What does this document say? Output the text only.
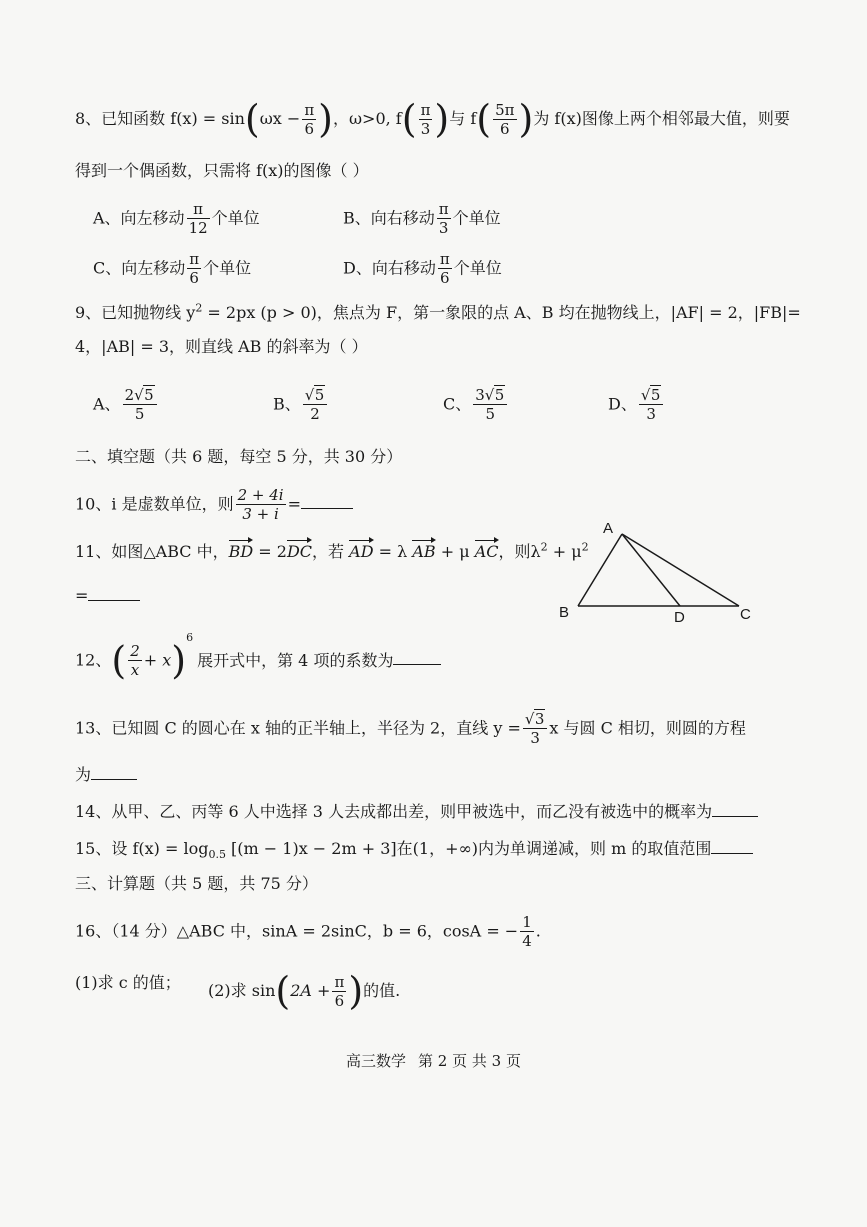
8、已知函数 $f(x) = \sin(\omega x - \frac{\pi}{6}$ )，ω>0, $f( \frac{\pi}{3}$ )与 $f( \frac{5\pi}{6}$ )为 f(x)图像上两个相邻最大值，则要
得到一个偶函数，只需将 f(x)的图像（ ）
A、向左移动 $\frac{\pi}{12}$ 个单位	B、向右移动 $\frac{\pi}{3}$ 个单位
C、向左移动 $\frac{\pi}{6}$ 个单位	D、向右移动 $\frac{\pi}{6}$ 个单位
9、已知抛物线 $y^2 = 2px$ (p > 0)，焦点为 F，第一象限的点 A、B 均在抛物线上，|AF| = 2，|FB|=
4，|AB| = 3，则直线 AB 的斜率为（ ）
A、 $\frac{2 √ 5}{5}$	B、 √ $\frac{5}{2}$	C、 $\frac{3 √ 5}{5}$	D、 √ $\frac{5}{3}$
二、填空题（共 6 题，每空 5 分，共 30 分）
10、i 是虚数单位，则 $\frac{2 + 4i}{3 + i}$ =
11、如图△ABC 中，BD = 2DC，若 AD = λ AB + μ AC，则$\lambda^2 + \mu^2$
=
A
B	D	C
12、( $\frac{2}{x} + x)^6$展开式中，第 4 项的系数为
13、已知圆 C 的圆心在 x 轴的正半轴上，半径为 2，直线 y = √ $\frac{3}{3}$ x 与圆 C 相切，则圆的方程
为
14、从甲、乙、丙等 6 人中选择 3 人去成都出差，则甲被选中，而乙没有被选中的概率为
15、设 $f(x) = \log_{0.5} [(m - 1)x - 2m + 3]$在(1，+∞)内为单调递减，则 m 的取值范围
三、计算题（共 5 题，共 75 分）
16、（14 分）△ABC 中，sinA = 2sinC，b = 6，cosA = − $\frac{1}{4}$ .
(1)求 c 的值； (2)求 $\sin(2A + \frac{\pi}{6}$ )的值.
高三数学 第 2 页 共 3 页
